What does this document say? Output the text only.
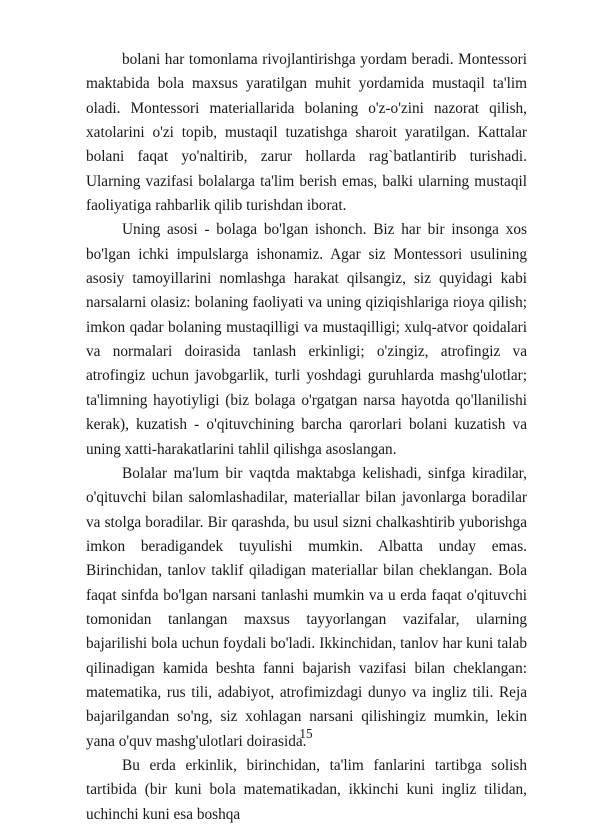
bolani har tomonlama rivojlantirishga yordam beradi. Montessori maktabida bola maxsus yaratilgan muhit yordamida mustaqil ta'lim oladi. Montessori materiallarida bolaning o'z-o'zini nazorat qilish, xatolarini o'zi topib, mustaqil tuzatishga sharoit yaratilgan. Kattalar bolani faqat yo'naltirib, zarur hollarda rag`batlantirib turishadi. Ularning vazifasi bolalarga ta'lim berish emas, balki ularning mustaqil faoliyatiga rahbarlik qilib turishdan iborat.

Uning asosi - bolaga bo'lgan ishonch. Biz har bir insonga xos bo'lgan ichki impulslarga ishonamiz. Agar siz Montessori usulining asosiy tamoyillarini nomlashga harakat qilsangiz, siz quyidagi kabi narsalarni olasiz: bolaning faoliyati va uning qiziqishlariga rioya qilish; imkon qadar bolaning mustaqilligi va mustaqilligi; xulq-atvor qoidalari va normalari doirasida tanlash erkinligi; o'zingiz, atrofingiz va atrofingiz uchun javobgarlik, turli yoshdagi guruhlarda mashg'ulotlar; ta'limning hayotiyligi (biz bolaga o'rgatgan narsa hayotda qo'llanilishi kerak), kuzatish - o'qituvchining barcha qarorlari bolani kuzatish va uning xatti-harakatlarini tahlil qilishga asoslangan.

Bolalar ma'lum bir vaqtda maktabga kelishadi, sinfga kiradilar, o'qituvchi bilan salomlashadilar, materiallar bilan javonlarga boradilar va stolga boradilar. Bir qarashda, bu usul sizni chalkashtirib yuborishga imkon beradigandek tuyulishi mumkin. Albatta unday emas. Birinchidan, tanlov taklif qiladigan materiallar bilan cheklangan. Bola faqat sinfda bo'lgan narsani tanlashi mumkin va u erda faqat o'qituvchi tomonidan tanlangan maxsus tayyorlangan vazifalar, ularning bajarilishi bola uchun foydali bo'ladi. Ikkinchidan, tanlov har kuni talab qilinadigan kamida beshta fanni bajarish vazifasi bilan cheklangan: matematika, rus tili, adabiyot, atrofimizdagi dunyo va ingliz tili. Reja bajarilgandan so'ng, siz xohlagan narsani qilishingiz mumkin, lekin yana o'quv mashg'ulotlari doirasida.

Bu erda erkinlik, birinchidan, ta'lim fanlarini tartibga solish tartibida (bir kuni bola matematikadan, ikkinchi kuni ingliz tilidan, uchinchi kuni esa boshqa

15
